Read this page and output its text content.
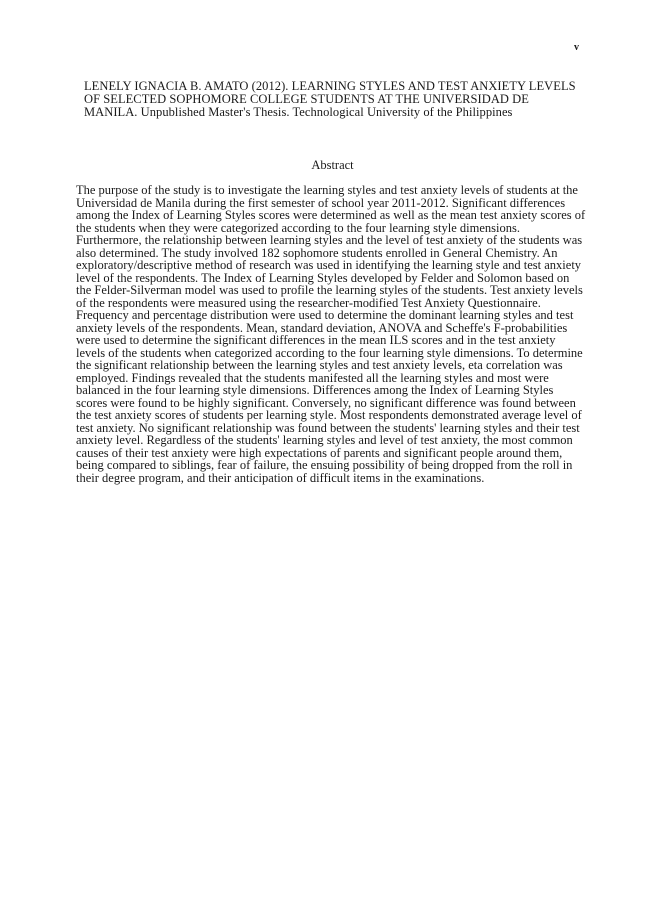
v
LENELY IGNACIA B. AMATO (2012). LEARNING STYLES AND TEST ANXIETY LEVELS OF SELECTED SOPHOMORE COLLEGE STUDENTS AT THE UNIVERSIDAD DE MANILA. Unpublished Master's Thesis. Technological University of the Philippines
Abstract
The purpose of the study is to investigate the learning styles and test anxiety levels of students at the Universidad de Manila during the first semester of school year 2011-2012. Significant differences among the Index of Learning Styles scores were determined as well as the mean test anxiety scores of the students when they were categorized according to the four learning style dimensions. Furthermore, the relationship between learning styles and the level of test anxiety of the students was also determined. The study involved 182 sophomore students enrolled in General Chemistry. An exploratory/descriptive method of research was used in identifying the learning style and test anxiety level of the respondents. The Index of Learning Styles developed by Felder and Solomon based on the Felder-Silverman model was used to profile the learning styles of the students. Test anxiety levels of the respondents were measured using the researcher-modified Test Anxiety Questionnaire. Frequency and percentage distribution were used to determine the dominant learning styles and test anxiety levels of the respondents. Mean, standard deviation, ANOVA and Scheffe's F-probabilities were used to determine the significant differences in the mean ILS scores and in the test anxiety levels of the students when categorized according to the four learning style dimensions. To determine the significant relationship between the learning styles and test anxiety levels, eta correlation was employed. Findings revealed that the students manifested all the learning styles and most were balanced in the four learning style dimensions. Differences among the Index of Learning Styles scores were found to be highly significant. Conversely, no significant difference was found between the test anxiety scores of students per learning style. Most respondents demonstrated average level of test anxiety. No significant relationship was found between the students' learning styles and their test anxiety level. Regardless of the students' learning styles and level of test anxiety, the most common causes of their test anxiety were high expectations of parents and significant people around them, being compared to siblings, fear of failure, the ensuing possibility of being dropped from the roll in their degree program, and their anticipation of difficult items in the examinations.
